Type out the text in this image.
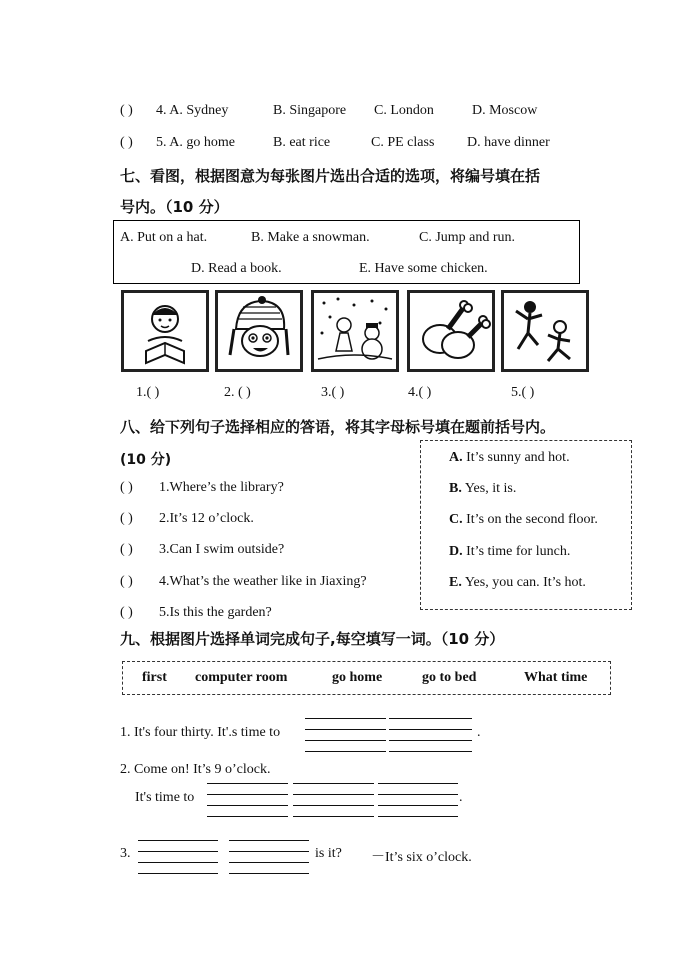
( ) 4. A. Sydney	B. Singapore C. London	D. Moscow
( ) 5. A. go home	B. eat rice	C. PE class D. have dinner
七、看图，根据图意为每张图片选出合适的选项，将编号填在括
号内。（10 分）
A. Put on a hat.	B. Make a snowman.	C. Jump and run.
D. Read a book.	E. Have some chicken.
1.( )	2. ( )	3.( )	4.( )	5.( )
八、给下列句子选择相应的答语，将其字母标号填在题前括号内。
(10 分)
( ) 1.Where’s the library?
( ) 2.It’s 12 o’clock.
( ) 3.Can I swim outside?
( ) 4.What’s the weather like in Jiaxing?
( ) 5.Is this the garden?
A. It’s sunny and hot.
B. Yes, it is.
C. It’s on the second floor.
D. It’s time for lunch.
E. Yes, you can. It’s hot.
九、根据图片选择单词完成句子,每空填写一词。（10 分）
first computer room	go home	go to bed	What time
1. It's four thirty. It'.s time to	.
2. Come on! It’s 9 o’clock.
It's time to	.
3.	is it? －It’s six o’clock.
